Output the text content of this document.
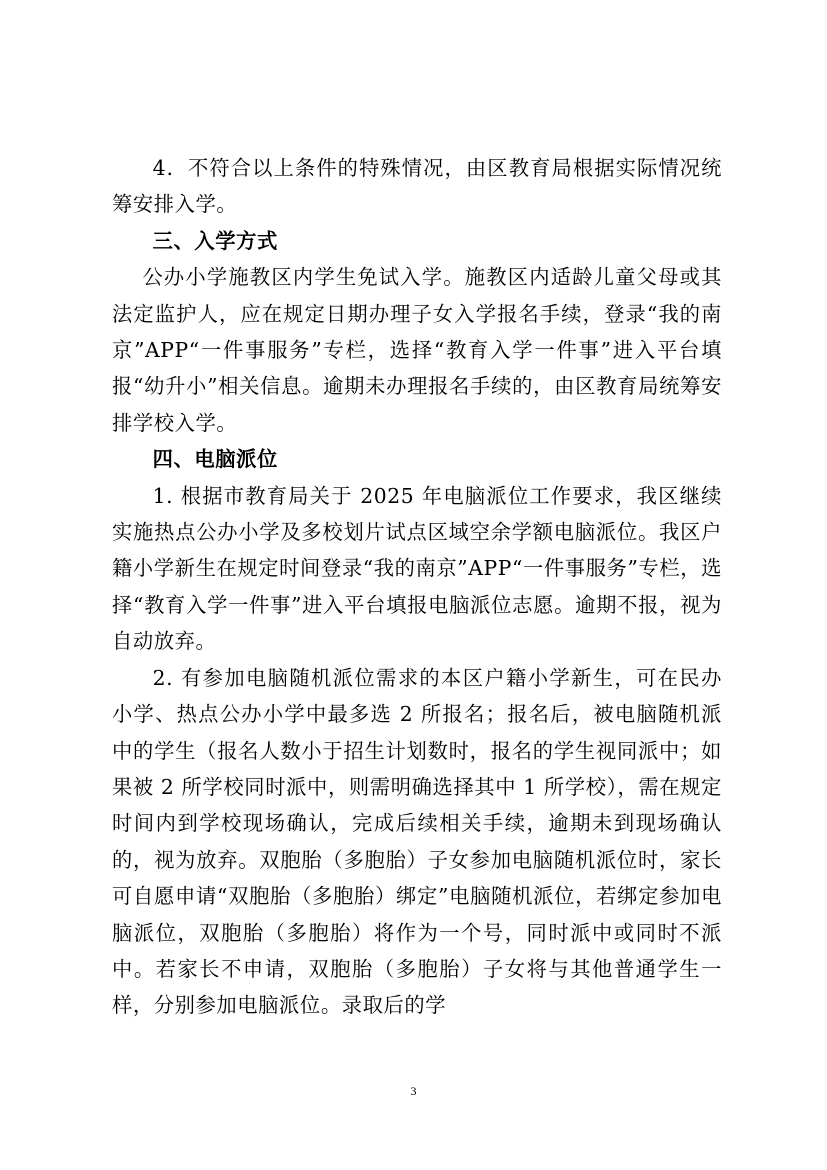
4．不符合以上条件的特殊情况，由区教育局根据实际情况统筹安排入学。

三、入学方式

公办小学施教区内学生免试入学。施教区内适龄儿童父母或其法定监护人，应在规定日期办理子女入学报名手续，登录“我的南京”APP“一件事服务”专栏，选择“教育入学一件事”进入平台填报“幼升小”相关信息。逾期未办理报名手续的，由区教育局统筹安排学校入学。

四、电脑派位

1. 根据市教育局关于 2025 年电脑派位工作要求，我区继续实施热点公办小学及多校划片试点区域空余学额电脑派位。我区户籍小学新生在规定时间登录“我的南京”APP“一件事服务”专栏，选择“教育入学一件事”进入平台填报电脑派位志愿。逾期不报，视为自动放弃。

2. 有参加电脑随机派位需求的本区户籍小学新生，可在民办小学、热点公办小学中最多选 2 所报名；报名后，被电脑随机派中的学生（报名人数小于招生计划数时，报名的学生视同派中；如果被 2 所学校同时派中，则需明确选择其中 1 所学校），需在规定时间内到学校现场确认，完成后续相关手续，逾期未到现场确认的，视为放弃。双胞胎（多胞胎）子女参加电脑随机派位时，家长可自愿申请“双胞胎（多胞胎）绑定”电脑随机派位，若绑定参加电脑派位，双胞胎（多胞胎）将作为一个号，同时派中或同时不派中。若家长不申请，双胞胎（多胞胎）子女将与其他普通学生一样，分别参加电脑派位。录取后的学

3
